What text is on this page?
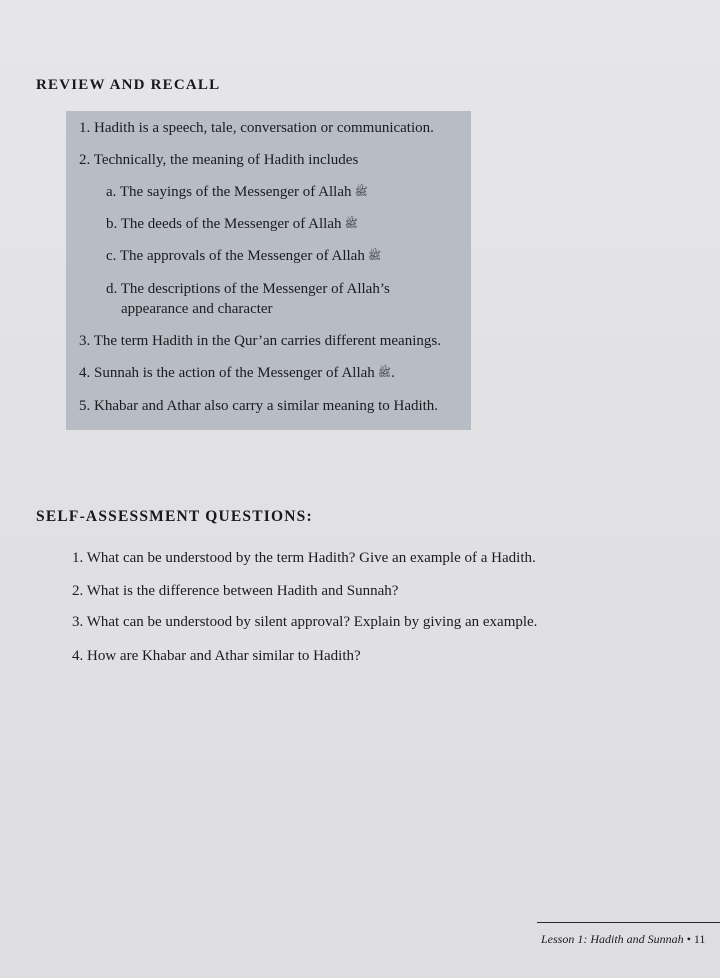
REVIEW AND RECALL
1. Hadith is a speech, tale, conversation or communication.
2. Technically, the meaning of Hadith includes
a. The sayings of the Messenger of Allah ﷺ
b. The deeds of the Messenger of Allah ﷺ
c. The approvals of the Messenger of Allah ﷺ
d. The descriptions of the Messenger of Allah’s
appearance and character
3. The term Hadith in the Qur’an carries different meanings.
4. Sunnah is the action of the Messenger of Allah ﷺ.
5. Khabar and Athar also carry a similar meaning to Hadith.
SELF-ASSESSMENT QUESTIONS:
1. What can be understood by the term Hadith? Give an example of a Hadith.
2. What is the difference between Hadith and Sunnah?
3. What can be understood by silent approval? Explain by giving an example.
4. How are Khabar and Athar similar to Hadith?
Lesson 1: Hadith and Sunnah • 11
